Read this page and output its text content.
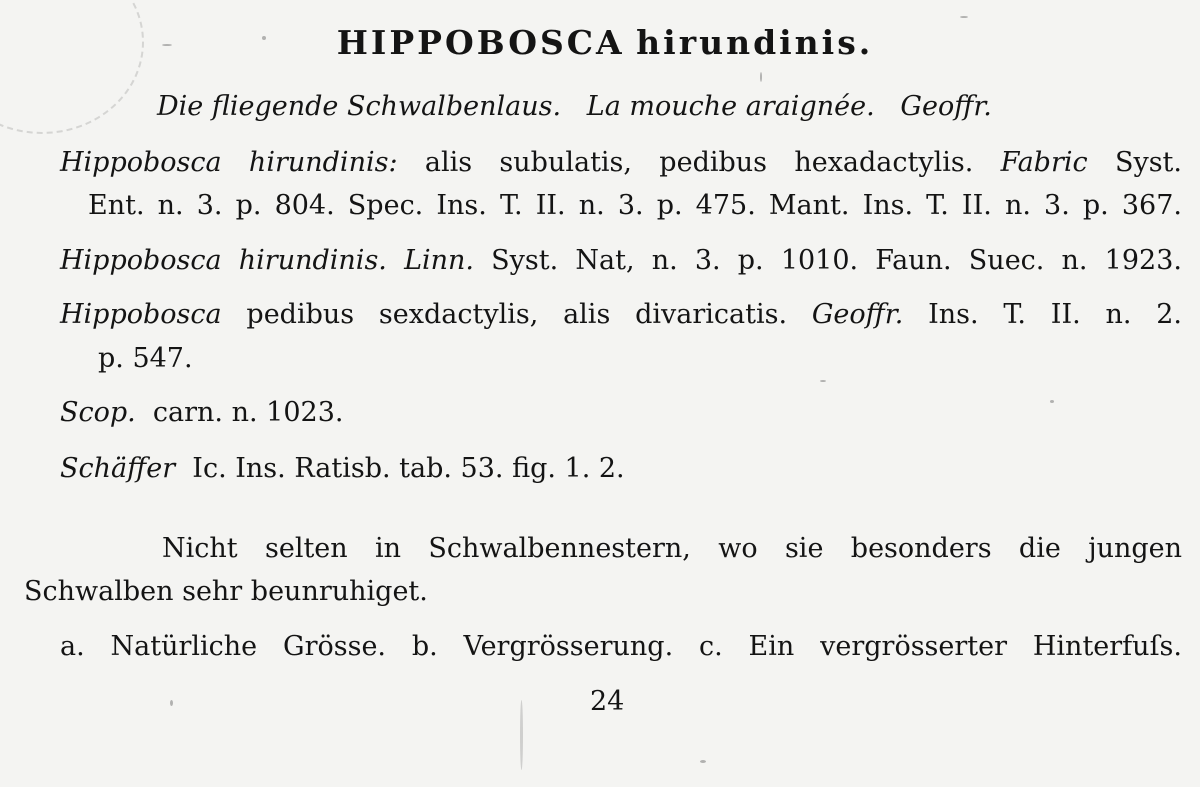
HIPPOBOSCA hirundinis.
Die fliegende Schwalbenlaus. La mouche araignée. Geoffr.
Hippobosca hirundinis: alis subulatis, pedibus hexadactylis. Fabric Syst.
Ent. n. 3. p. 804. Spec. Ins. T. II. n. 3. p. 475. Mant. Ins. T. II. n. 3. p. 367.
Hippobosca hirundinis. Linn. Syst. Nat, n. 3. p. 1010. Faun. Suec. n. 1923.
Hippobosca pedibus sexdactylis, alis divaricatis. Geoffr. Ins. T. II. n. 2.
p. 547.
Scop. carn. n. 1023.
Schäffer Ic. Ins. Ratisb. tab. 53. fig. 1. 2.
Nicht selten in Schwalbennestern, wo sie besonders die jungen
Schwalben sehr beunruhiget.
a. Natürliche Grösse. b. Vergrösserung. c. Ein vergrösserter Hinterfuſs.
24
